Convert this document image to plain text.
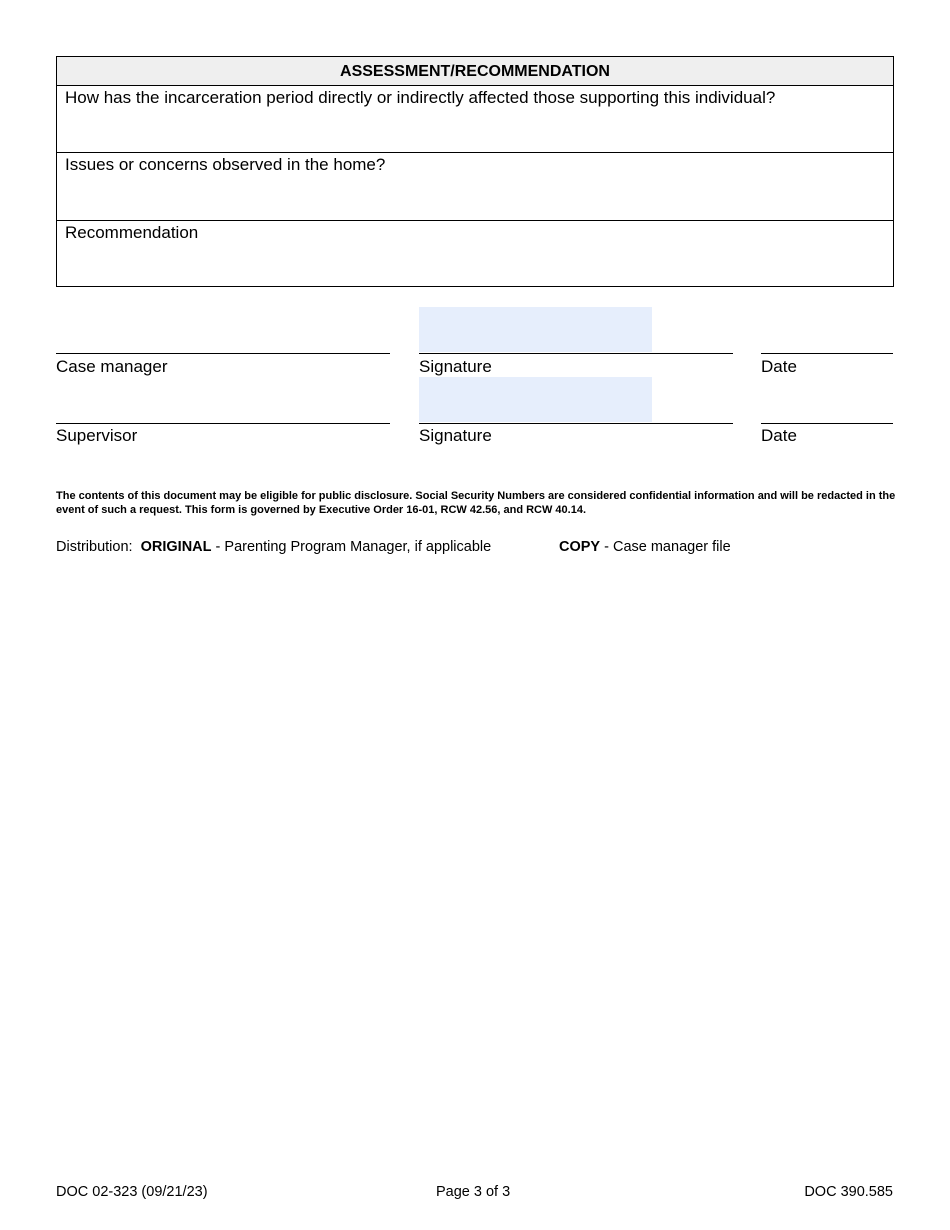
ASSESSMENT/RECOMMENDATION
How has the incarceration period directly or indirectly affected those supporting this individual?
Issues or concerns observed in the home?
Recommendation
Case manager	Signature	Date
Supervisor	Signature	Date
The contents of this document may be eligible for public disclosure. Social Security Numbers are considered confidential information and will be redacted in the event of such a request. This form is governed by Executive Order 16-01, RCW 42.56, and RCW 40.14.
Distribution: ORIGINAL - Parenting Program Manager, if applicable	COPY - Case manager file
DOC 02-323 (09/21/23)	Page 3 of 3	DOC 390.585
